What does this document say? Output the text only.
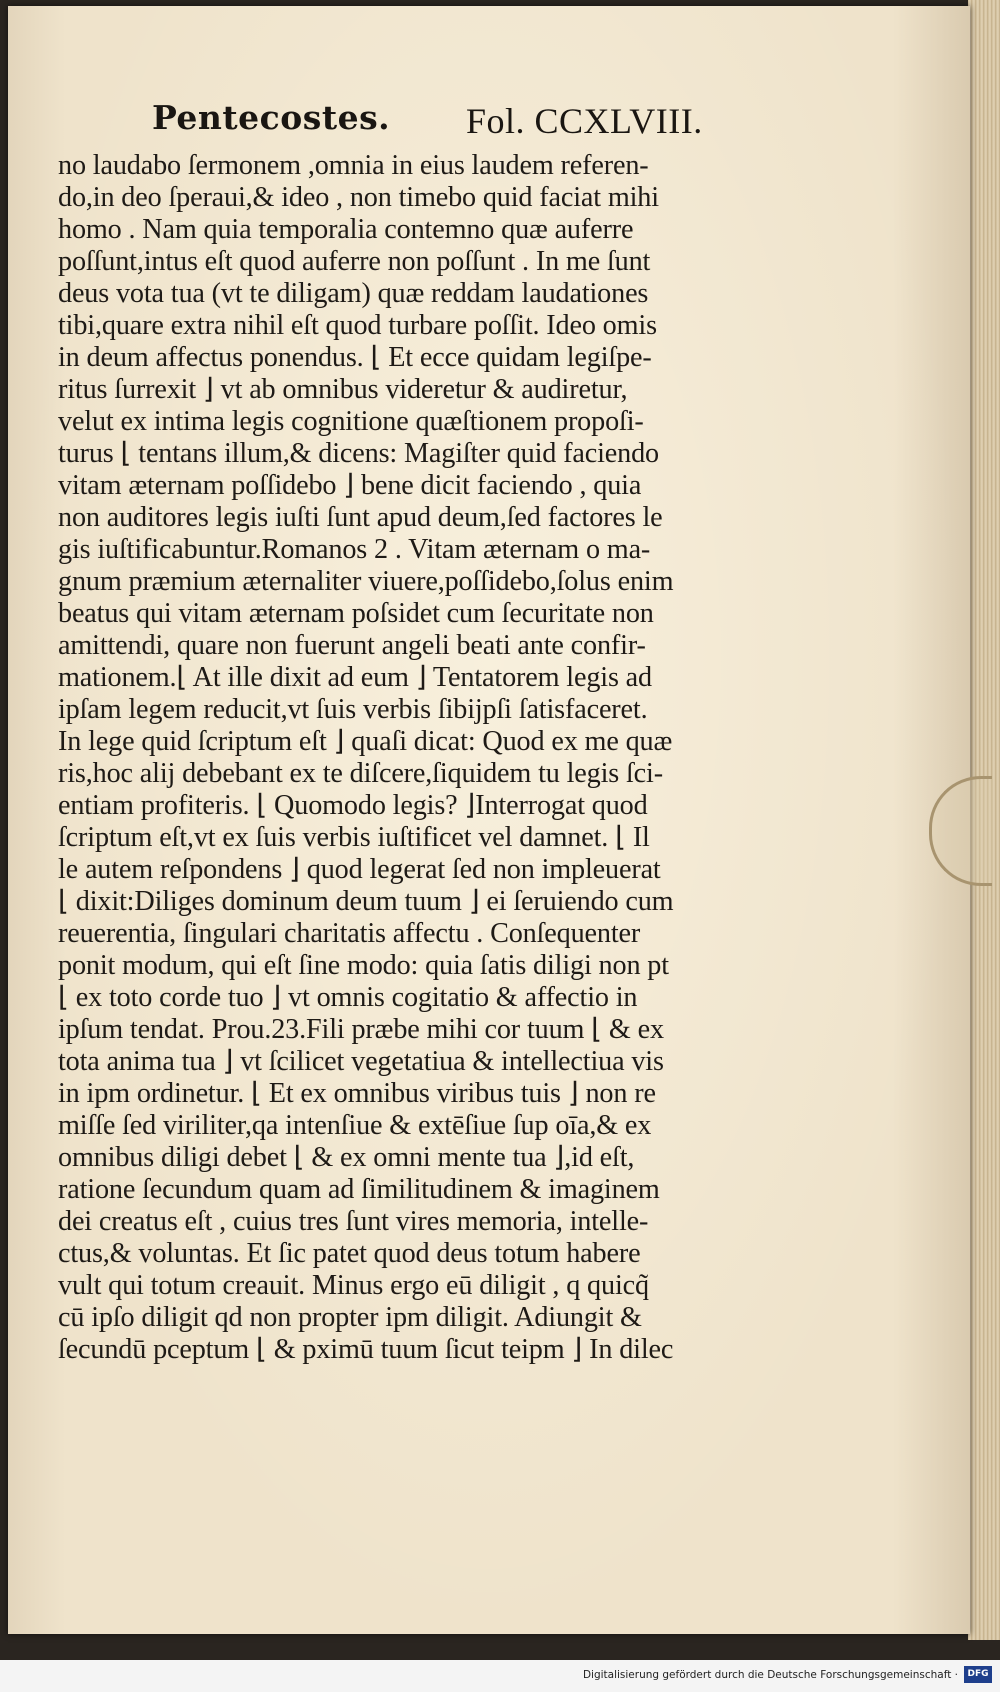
Pentecostes. Fol. CCXLVIII.
no laudabo ſermonem ,omnia in eius laudem referen-
do,in deo ſperaui,& ideo , non timebo quid faciat mihi
homo . Nam quia temporalia contemno quæ auferre
poſſunt,intus eſt quod auferre non poſſunt . In me ſunt
deus vota tua (vt te diligam) quæ reddam laudationes
tibi,quare extra nihil eſt quod turbare poſſit. Ideo omis
in deum affectus ponendus. ⌊ Et ecce quidam legiſpe-
ritus ſurrexit ⌋ vt ab omnibus videretur & audiretur,
velut ex intima legis cognitione quæſtionem propoſi-
turus ⌊ tentans illum,& dicens: Magiſter quid faciendo
vitam æternam poſſidebo ⌋ bene dicit faciendo , quia
non auditores legis iuſti ſunt apud deum,ſed factores le
gis iuſtificabuntur.Romanos 2 . Vitam æternam o ma-
gnum præmium æternaliter viuere,poſſidebo,ſolus enim
beatus qui vitam æternam poſsidet cum ſecuritate non
amittendi, quare non fuerunt angeli beati ante confir-
mationem.⌊ At ille dixit ad eum ⌋ Tentatorem legis ad
ipſam legem reducit,vt ſuis verbis ſibijpſi ſatisfaceret.
In lege quid ſcriptum eſt ⌋ quaſi dicat: Quod ex me quæ
ris,hoc alij debebant ex te diſcere,ſiquidem tu legis ſci-
entiam profiteris. ⌊ Quomodo legis? ⌋Interrogat quod
ſcriptum eſt,vt ex ſuis verbis iuſtificet vel damnet. ⌊ Il
le autem reſpondens ⌋ quod legerat ſed non impleuerat
⌊ dixit:Diliges dominum deum tuum ⌋ ei ſeruiendo cum
reuerentia, ſingulari charitatis affectu . Conſequenter
ponit modum, qui eſt ſine modo: quia ſatis diligi non pt
⌊ ex toto corde tuo ⌋ vt omnis cogitatio & affectio in
ipſum tendat. Prou.23.Fili præbe mihi cor tuum ⌊ & ex
tota anima tua ⌋ vt ſcilicet vegetatiua & intellectiua vis
in ipm ordinetur. ⌊ Et ex omnibus viribus tuis ⌋ non re
miſſe ſed viriliter,qa intenſiue & extēſiue ſup oīa,& ex
omnibus diligi debet ⌊ & ex omni mente tua ⌋,id eſt,
ratione ſecundum quam ad ſimilitudinem & imaginem
dei creatus eſt , cuius tres ſunt vires memoria, intelle-
ctus,& voluntas. Et ſic patet quod deus totum habere
vult qui totum creauit. Minus ergo eū diligit , q quicq̃
cū ipſo diligit qd non propter ipm diligit. Adiungit &
ſecundū pceptum ⌊ & pximū tuum ſicut teipm ⌋ In dilec
Digitalisierung gefördert durch die Deutsche Forschungsgemeinschaft ·	DFG
